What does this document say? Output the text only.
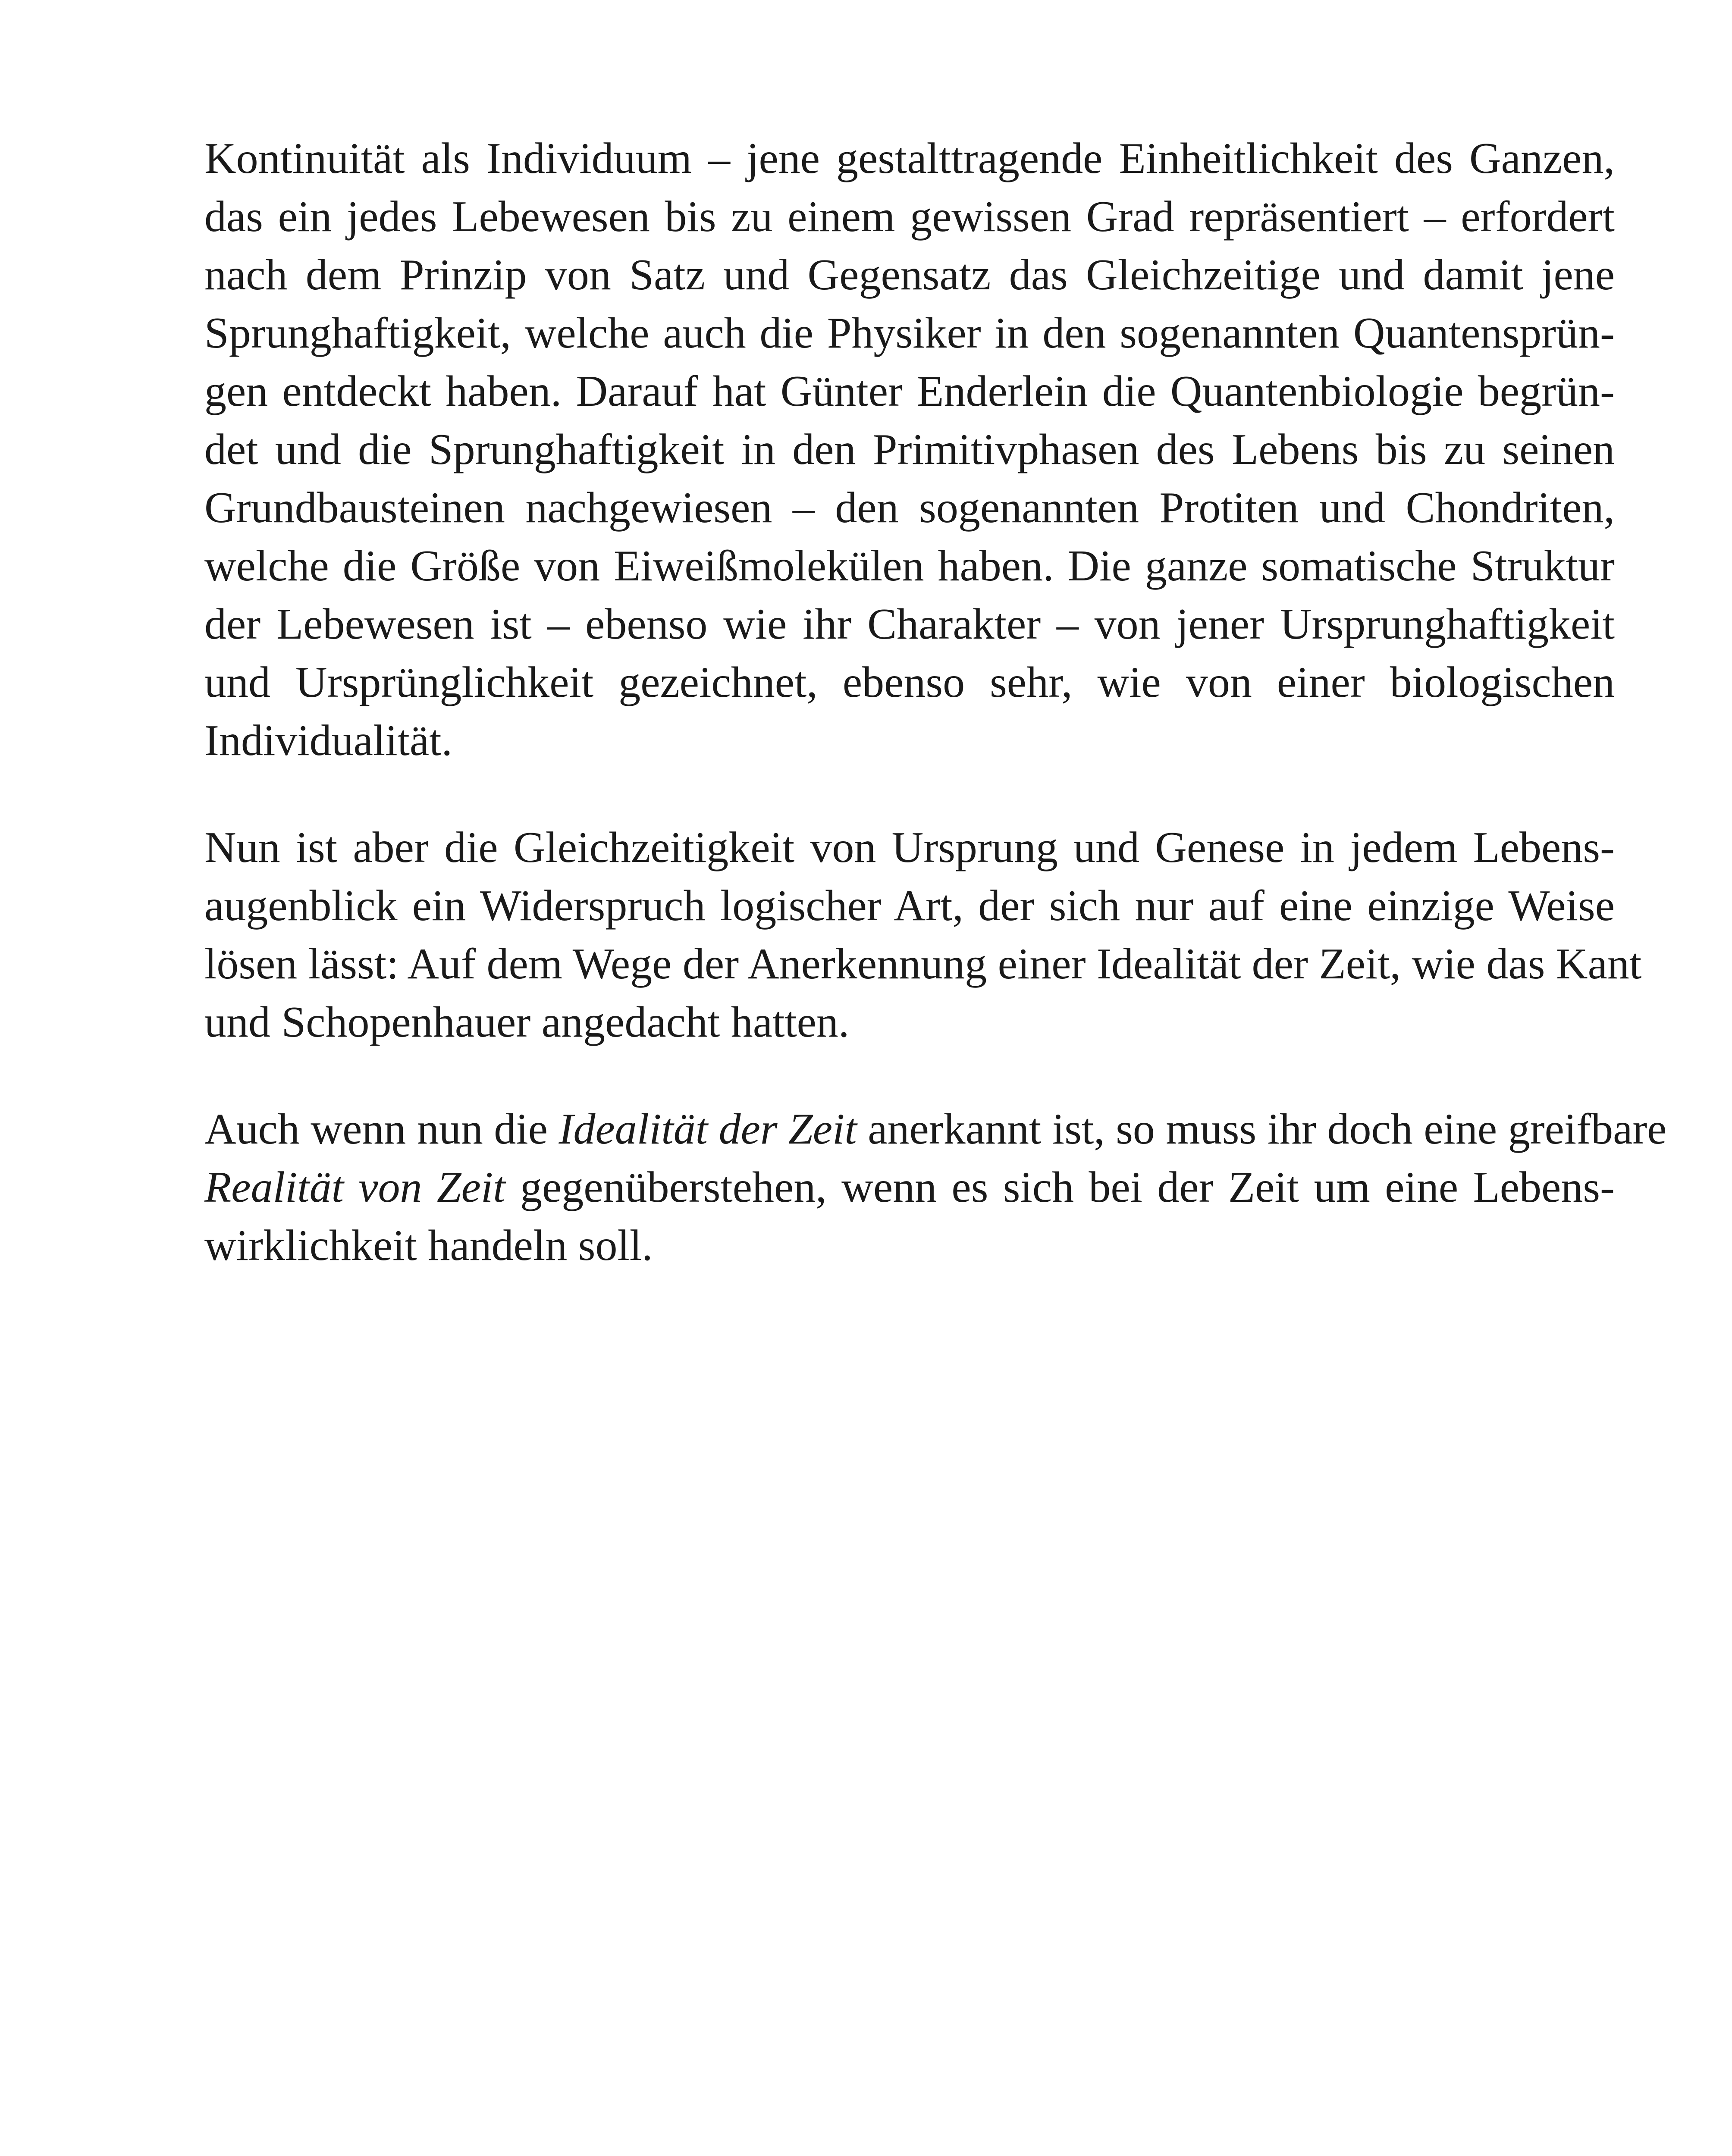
Kontinuität als Individuum – jene gestalttragende Einheitlichkeit des Ganzen,
das ein jedes Lebewesen bis zu einem gewissen Grad repräsentiert – erfordert
nach dem Prinzip von Satz und Gegensatz das Gleichzeitige und damit jene
Sprunghaftigkeit, welche auch die Physiker in den sogenannten Quantensprün-
gen entdeckt haben. Darauf hat Günter Enderlein die Quantenbiologie begrün-
det und die Sprunghaftigkeit in den Primitivphasen des Lebens bis zu seinen
Grundbausteinen nachgewiesen – den sogenannten Protiten und Chondriten,
welche die Größe von Eiweißmolekülen haben. Die ganze somatische Struktur
der Lebewesen ist – ebenso wie ihr Charakter – von jener Ursprunghaftigkeit
und Ursprünglichkeit gezeichnet, ebenso sehr, wie von einer biologischen
Individualität.

Nun ist aber die Gleichzeitigkeit von Ursprung und Genese in jedem Lebens-
augenblick ein Widerspruch logischer Art, der sich nur auf eine einzige Weise
lösen lässt: Auf dem Wege der Anerkennung einer Idealität der Zeit, wie das Kant
und Schopenhauer angedacht hatten.

Auch wenn nun die Idealität der Zeit anerkannt ist, so muss ihr doch eine greifbare
Realität von Zeit gegenüberstehen, wenn es sich bei der Zeit um eine Lebens-
wirklichkeit handeln soll.
